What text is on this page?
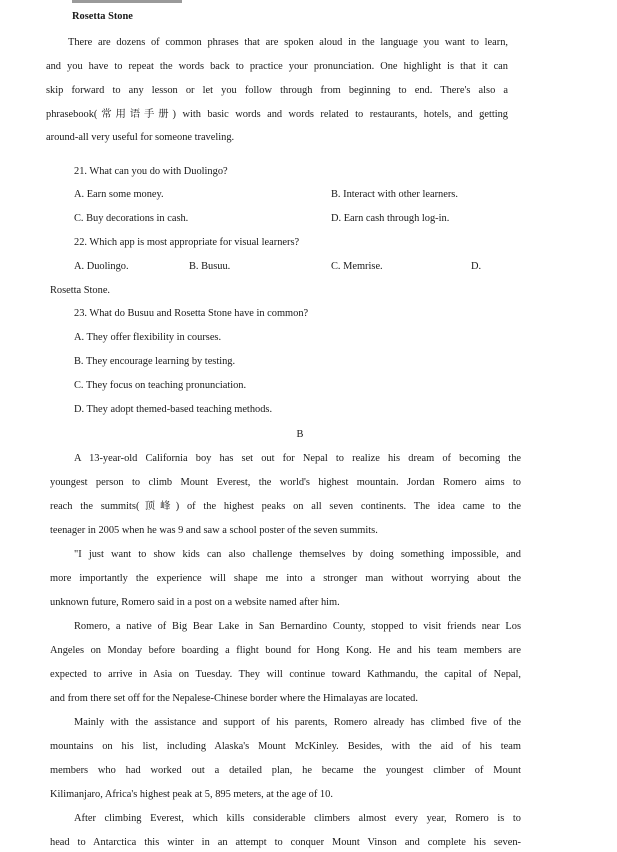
Rosetta Stone
There are dozens of common phrases that are spoken aloud in the language you want to learn,
and you have to repeat the words back to practice your pronunciation. One highlight is that it can
skip forward to any lesson or let you follow through from beginning to end. There's also a
phrasebook(常用语手册) with basic words and words related to restaurants, hotels, and getting
around-all very useful for someone traveling.
21. What can you do with Duolingo?
A. Earn some money.	B. Interact with other learners.
C. Buy decorations in cash.	D. Earn cash through log-in.
22. Which app is most appropriate for visual learners?
A. Duolingo.	B. Busuu.	C. Memrise.	D.
Rosetta Stone.
23. What do Busuu and Rosetta Stone have in common?
A. They offer flexibility in courses.
B. They encourage learning by testing.
C. They focus on teaching pronunciation.
D. They adopt themed-based teaching methods.
B
A 13-year-old California boy has set out for Nepal to realize his dream of becoming the
youngest person to climb Mount Everest, the world's highest mountain. Jordan Romero aims to
reach the summits(顶峰) of the highest peaks on all seven continents. The idea came to the
teenager in 2005 when he was 9 and saw a school poster of the seven summits.
"I just want to show kids can also challenge themselves by doing something impossible, and
more importantly the experience will shape me into a stronger man without worrying about the
unknown future, Romero said in a post on a website named after him.
Romero, a native of Big Bear Lake in San Bernardino County, stopped to visit friends near Los
Angeles on Monday before boarding a flight bound for Hong Kong. He and his team members are
expected to arrive in Asia on Tuesday. They will continue toward Kathmandu, the capital of Nepal,
and from there set off for the Nepalese-Chinese border where the Himalayas are located.
Mainly with the assistance and support of his parents, Romero already has climbed five of the
mountains on his list, including Alaska's Mount McKinley. Besides, with the aid of his team
members who had worked out a detailed plan, he became the youngest climber of Mount
Kilimanjaro, Africa's highest peak at 5, 895 meters, at the age of 10.
After climbing Everest, which kills considerable climbers almost every year, Romero is to
head to Antarctica this winter in an attempt to conquer Mount Vinson and complete his seven-
